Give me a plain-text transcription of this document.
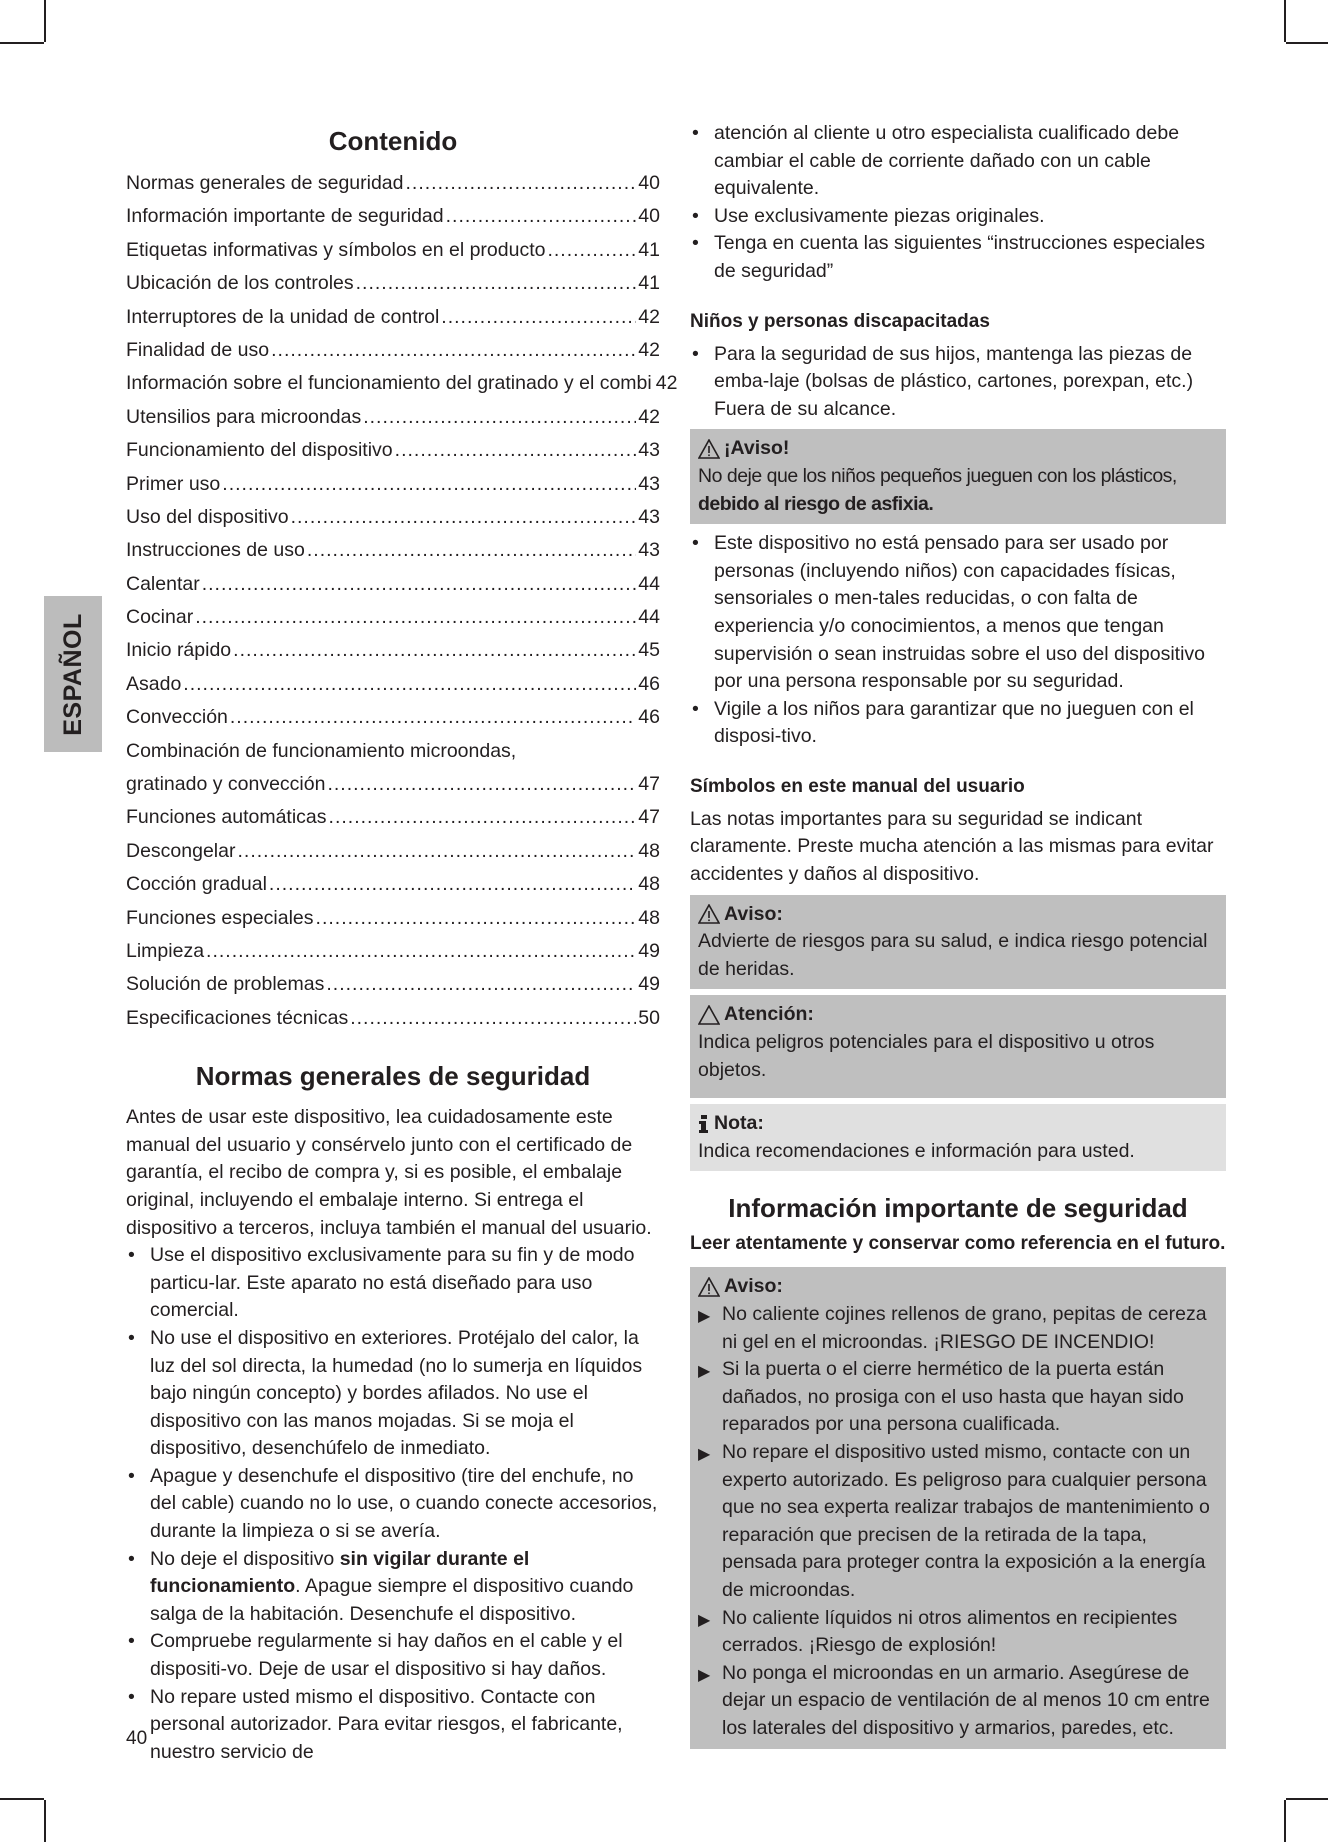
ESPAÑOL
Contenido
Normas generales de seguridad .....	40
Información importante de seguridad .....	40
Etiquetas informativas y símbolos en el producto .....	41
Ubicación de los controles .....	41
Interruptores de la unidad de control .....	42
Finalidad de uso .....	42
Información sobre el funcionamiento del gratinado y el combi 42
Utensilios para microondas .....	42
Funcionamiento del dispositivo .....	43
Primer uso .....	43
Uso del dispositivo .....	43
Instrucciones de uso .....	43
Calentar .....	44
Cocinar .....	44
Inicio rápido .....	45
Asado .....	46
Convección .....	46
Combinación de funcionamiento microondas,
gratinado y convección .....	47
Funciones automáticas .....	47
Descongelar .....	48
Cocción gradual .....	48
Funciones especiales .....	48
Limpieza .....	49
Solución de problemas .....	49
Especificaciones técnicas .....	50
Normas generales de seguridad

Antes de usar este dispositivo, lea cuidadosamente este manual del usuario y consérvelo junto con el certificado de garantía, el recibo de compra y, si es posible, el embalaje original, incluyendo el embalaje interno. Si entrega el dispositivo a terceros, incluya también el manual del usuario.

• Use el dispositivo exclusivamente para su fin y de modo particu-lar. Este aparato no está diseñado para uso comercial.
• No use el dispositivo en exteriores. Protéjalo del calor, la luz del sol directa, la humedad (no lo sumerja en líquidos bajo ningún concepto) y bordes afilados. No use el dispositivo con las manos mojadas. Si se moja el dispositivo, desenchúfelo de inmediato.
• Apague y desenchufe el dispositivo (tire del enchufe, no del cable) cuando no lo use, o cuando conecte accesorios, durante la limpieza o si se avería.
• No deje el dispositivo sin vigilar durante el funcionamiento. Apague siempre el dispositivo cuando salga de la habitación. Desenchufe el dispositivo.
• Compruebe regularmente si hay daños en el cable y el dispositi-vo. Deje de usar el dispositivo si hay daños.
• No repare usted mismo el dispositivo. Contacte con personal autorizador. Para evitar riesgos, el fabricante, nuestro servicio de
40
• atención al cliente u otro especialista cualificado debe cambiar el cable de corriente dañado con un cable equivalente.
• Use exclusivamente piezas originales.
• Tenga en cuenta las siguientes “instrucciones especiales de seguridad”
Niños y personas discapacitadas
• Para la seguridad de sus hijos, mantenga las piezas de emba-laje (bolsas de plástico, cartones, porexpan, etc.) Fuera de su alcance.
¡Aviso!

No deje que los niños pequeños jueguen con los plásticos, debido al riesgo de asfixia.

• Este dispositivo no está pensado para ser usado por personas (incluyendo niños) con capacidades físicas, sensoriales o men-tales reducidas, o con falta de experiencia y/o conocimientos, a menos que tengan supervisión o sean instruidas sobre el uso del dispositivo por una persona responsable por su seguridad.
• Vigile a los niños para garantizar que no jueguen con el disposi-tivo.
Símbolos en este manual del usuario

Las notas importantes para su seguridad se indicant claramente. Preste mucha atención a las mismas para evitar accidentes y daños al dispositivo.

Aviso:

Advierte de riesgos para su salud, e indica riesgo potencial de heridas.

Atención:

Indica peligros potenciales para el dispositivo u otros objetos.

Nota:

Indica recomendaciones e información para usted.

Información importante de seguridad
Leer atentamente y conservar como referencia en el futuro.
Aviso:
▶ No caliente cojines rellenos de grano, pepitas de cereza ni gel en el microondas. ¡RIESGO DE INCENDIO!
▶ Si la puerta o el cierre hermético de la puerta están dañados, no prosiga con el uso hasta que hayan sido reparados por una persona cualificada.
▶ No repare el dispositivo usted mismo, contacte con un experto autorizado. Es peligroso para cualquier persona que no sea experta realizar trabajos de mantenimiento o reparación que precisen de la retirada de la tapa, pensada para proteger contra la exposición a la energía de microondas.
▶ No caliente líquidos ni otros alimentos en recipientes cerrados. ¡Riesgo de explosión!
▶ No ponga el microondas en un armario. Asegúrese de dejar un espacio de ventilación de al menos 10 cm entre los laterales del dispositivo y armarios, paredes, etc.
